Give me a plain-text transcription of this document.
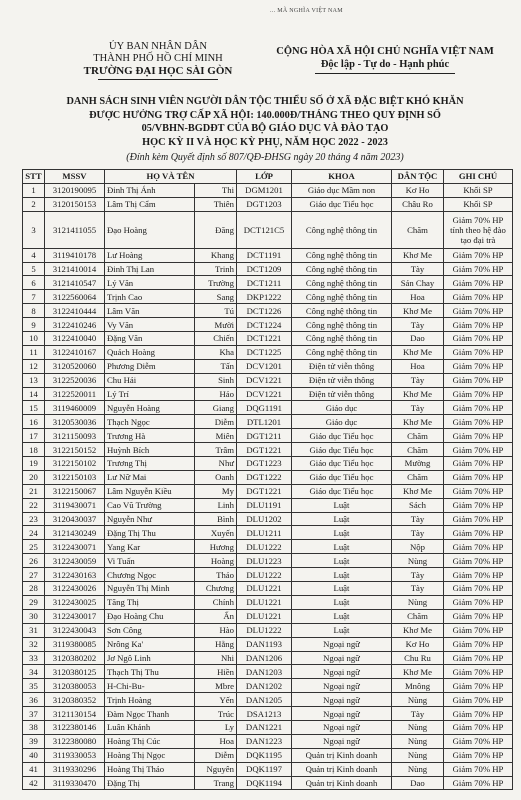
... MÃ NGHĨA VIỆT NAM
ỦY BAN NHÂN DÂN
THÀNH PHỐ HỒ CHÍ MINH
TRƯỜNG ĐẠI HỌC SÀI GÒN
CỘNG HÒA XÃ HỘI CHỦ NGHĨA VIỆT NAM
Độc lập - Tự do - Hạnh phúc
DANH SÁCH SINH VIÊN NGƯỜI DÂN TỘC THIỂU SỐ Ở XÃ ĐẶC BIỆT KHÓ KHĂN
ĐƯỢC HƯỞNG TRỢ CẤP XÃ HỘI: 140.000Đ/THÁNG THEO QUY ĐỊNH SỐ
05/VBHN-BGDĐT CỦA BỘ GIÁO DỤC VÀ ĐÀO TẠO
HỌC KỲ II VÀ HỌC KỲ PHỤ, NĂM HỌC 2022 - 2023
(Đính kèm Quyết định số 807/QĐ-ĐHSG ngày 20 tháng 4 năm 2023)
STT	MSSV	HỌ VÀ TÊN		LỚP	KHOA	DÂN TỘC	GHI CHÚ
1	3120190095	Đinh Thị Ánh	Thi	DGM1201	Giáo dục Mầm non	Kơ Ho	Khối SP
2	3120150153	Lâm Thị Cẩm	Thiên	DGT1203	Giáo dục Tiểu học	Châu Ro	Khối SP
3	3121411055	Đạo Hoàng	Đăng	DCT121C5	Công nghệ thông tin	Chăm	Giảm 70% HP tính theo hệ đào tạo đại trà
4	3119410178	Lư Hoàng	Khang	DCT1191	Công nghệ thông tin	Khơ Me	Giảm 70% HP
5	3121410014	Đinh Thị Lan	Trinh	DCT1209	Công nghệ thông tin	Tày	Giảm 70% HP
6	3121410547	Lý Văn	Trường	DCT1211	Công nghệ thông tin	Sán Chay	Giảm 70% HP
7	3122560064	Trịnh Cao	Sang	DKP1222	Công nghệ thông tin	Hoa	Giảm 70% HP
8	3122410444	Lâm Văn	Tú	DCT1226	Công nghệ thông tin	Khơ Me	Giảm 70% HP
9	3122410246	Vy Văn	Mười	DCT1224	Công nghệ thông tin	Tày	Giảm 70% HP
10	3122410040	Đặng Văn	Chiến	DCT1221	Công nghệ thông tin	Dao	Giảm 70% HP
11	3122410167	Quách Hoàng	Kha	DCT1225	Công nghệ thông tin	Khơ Me	Giảm 70% HP
12	3120520060	Phương Diễm	Tấn	DCV1201	Điện tử viễn thông	Hoa	Giảm 70% HP
13	3122520036	Chu Hải	Sinh	DCV1221	Điện tử viễn thông	Tày	Giảm 70% HP
14	3122520011	Lý Trí	Hảo	DCV1221	Điện tử viễn thông	Khơ Me	Giảm 70% HP
15	3119460009	Nguyễn Hoàng	Giang	DQG1191	Giáo dục	Tày	Giảm 70% HP
16	3120530036	Thạch Ngọc	Diễm	DTL1201	Giáo dục	Khơ Me	Giảm 70% HP
17	3121150093	Trương Hà	Miên	DGT1211	Giáo dục Tiểu học	Chăm	Giảm 70% HP
18	3122150152	Huỳnh Bích	Trâm	DGT1221	Giáo dục Tiểu học	Chăm	Giảm 70% HP
19	3122150102	Trương Thị	Như	DGT1223	Giáo dục Tiểu học	Mường	Giảm 70% HP
20	3122150103	Lư Nữ Mai	Oanh	DGT1222	Giáo dục Tiểu học	Chăm	Giảm 70% HP
21	3122150067	Lâm Nguyễn Kiều	My	DGT1221	Giáo dục Tiểu học	Khơ Me	Giảm 70% HP
22	3119430071	Cao Vũ Trường	Linh	DLU1191	Luật	Sách	Giảm 70% HP
23	3120430037	Nguyễn Như	Bình	DLU1202	Luật	Tày	Giảm 70% HP
24	3121430249	Đặng Thị Thu	Xuyến	DLU1211	Luật	Tày	Giảm 70% HP
25	3122430071	Yang Kar	Hương	DLU1222	Luật	Nộp	Giảm 70% HP
26	3122430059	Vi Tuấn	Hoàng	DLU1223	Luật	Nùng	Giảm 70% HP
27	3122430163	Chương Ngọc	Thảo	DLU1222	Luật	Tày	Giảm 70% HP
28	3122430026	Nguyễn Thị Minh	Chương	DLU1221	Luật	Tày	Giảm 70% HP
29	3122430025	Tăng Thị	Chính	DLU1221	Luật	Nùng	Giảm 70% HP
30	3122430017	Đạo Hoàng Chu	Ấn	DLU1221	Luật	Chăm	Giảm 70% HP
31	3122430043	Sơn Công	Hào	DLU1222	Luật	Khơ Me	Giảm 70% HP
32	3119380085	Nrông Ka'	Hằng	DAN1193	Ngoại ngữ	Kơ Ho	Giảm 70% HP
33	3120380202	Jơ Ngô Linh	Nhi	DAN1206	Ngoại ngữ	Chu Ru	Giảm 70% HP
34	3120380125	Thạch Thị Thu	Hiền	DAN1203	Ngoại ngữ	Khơ Me	Giảm 70% HP
35	3120380053	H-Chi-Bu-	Mbre	DAN1202	Ngoại ngữ	Mnông	Giảm 70% HP
36	3120380352	Trịnh Hoàng	Yến	DAN1205	Ngoại ngữ	Nùng	Giảm 70% HP
37	3121130154	Đàm Ngọc Thanh	Trúc	DSA1213	Ngoại ngữ	Tày	Giảm 70% HP
38	3122380146	Luân Khánh	Ly	DAN1221	Ngoại ngữ	Nùng	Giảm 70% HP
39	3122380080	Hoàng Thị Cúc	Hoa	DAN1223	Ngoại ngữ	Nùng	Giảm 70% HP
40	3119330053	Hoàng Thị Ngọc	Diễm	DQK1195	Quản trị Kinh doanh	Nùng	Giảm 70% HP
41	3119330296	Hoàng Thị Thảo	Nguyên	DQK1197	Quản trị Kinh doanh	Nùng	Giảm 70% HP
42	3119330470	Đặng Thị	Trang	DQK1194	Quản trị Kinh doanh	Dao	Giảm 70% HP
